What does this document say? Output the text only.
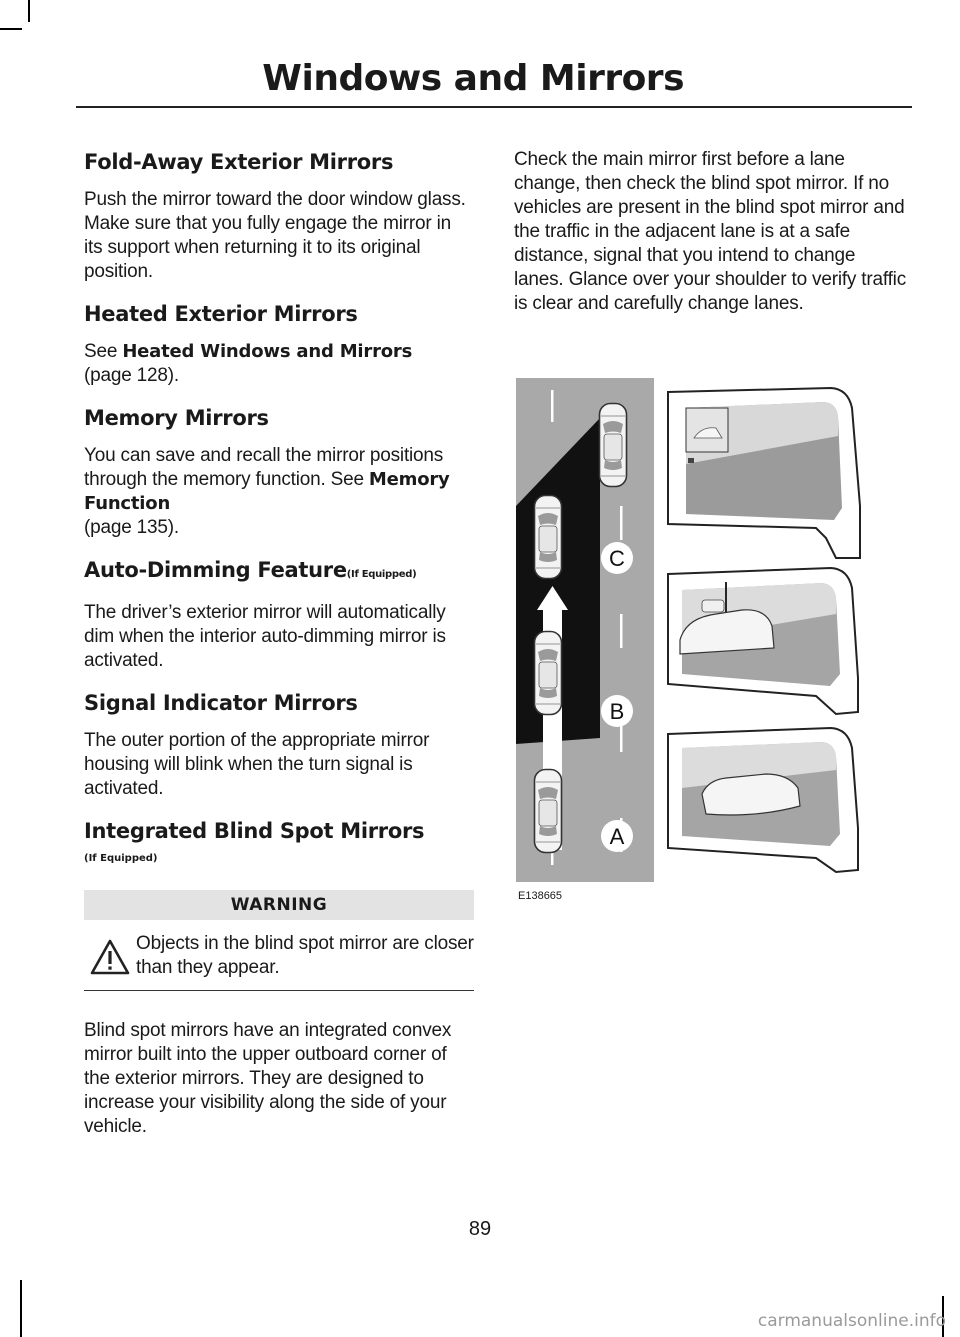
Windows and Mirrors
Fold-Away Exterior Mirrors

Push the mirror toward the door window glass. Make sure that you fully engage the mirror in its support when returning it to its original position.

Heated Exterior Mirrors

See Heated Windows and Mirrors
(page 128).

Memory Mirrors

You can save and recall the mirror positions through the memory function. See Memory Function
(page 135).

Auto-Dimming Feature(If Equipped)

The driver’s exterior mirror will automatically dim when the interior auto-dimming mirror is activated.

Signal Indicator Mirrors

The outer portion of the appropriate mirror housing will blink when the turn signal is activated.

Integrated Blind Spot Mirrors
(If Equipped)
WARNING
Objects in the blind spot mirror are closer than they appear.

Blind spot mirrors have an integrated convex mirror built into the upper outboard corner of the exterior mirrors. They are designed to increase your visibility along the side of your vehicle.

Check the main mirror first before a lane change, then check the blind spot mirror. If no vehicles are present in the blind spot mirror and the traffic in the adjacent lane is at a safe distance, signal that you intend to change lanes. Glance over your shoulder to verify traffic is clear and carefully change lanes.

C
B
A
E138665
89
carmanualsonline.info
